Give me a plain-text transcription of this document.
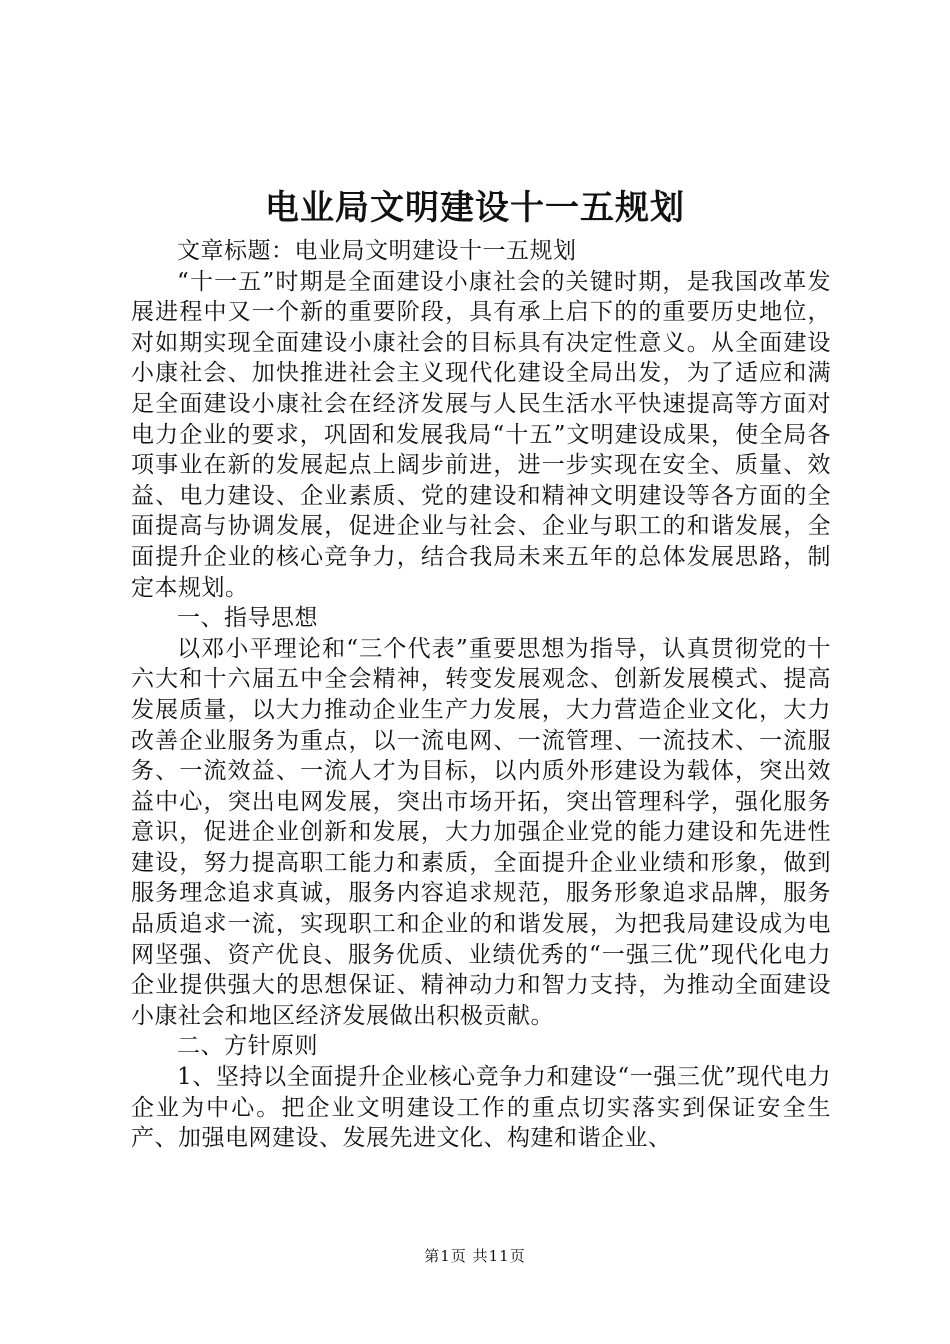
电业局文明建设十一五规划

文章标题：电业局文明建设十一五规划

“十一五”时期是全面建设小康社会的关键时期，是我国改革发展进程中又一个新的重要阶段，具有承上启下的的重要历史地位，对如期实现全面建设小康社会的目标具有决定性意义。从全面建设小康社会、加快推进社会主义现代化建设全局出发，为了适应和满足全面建设小康社会在经济发展与人民生活水平快速提高等方面对电力企业的要求，巩固和发展我局“十五”文明建设成果，使全局各项事业在新的发展起点上阔步前进，进一步实现在安全、质量、效益、电力建设、企业素质、党的建设和精神文明建设等各方面的全面提高与协调发展，促进企业与社会、企业与职工的和谐发展，全面提升企业的核心竞争力，结合我局未来五年的总体发展思路，制定本规划。

一、指导思想

以邓小平理论和“三个代表”重要思想为指导，认真贯彻党的十六大和十六届五中全会精神，转变发展观念、创新发展模式、提高发展质量，以大力推动企业生产力发展，大力营造企业文化，大力改善企业服务为重点，以一流电网、一流管理、一流技术、一流服务、一流效益、一流人才为目标，以内质外形建设为载体，突出效益中心，突出电网发展，突出市场开拓，突出管理科学，强化服务意识，促进企业创新和发展，大力加强企业党的能力建设和先进性建设，努力提高职工能力和素质，全面提升企业业绩和形象，做到服务理念追求真诚，服务内容追求规范，服务形象追求品牌，服务品质追求一流，实现职工和企业的和谐发展，为把我局建设成为电网坚强、资产优良、服务优质、业绩优秀的“一强三优”现代化电力企业提供强大的思想保证、精神动力和智力支持，为推动全面建设小康社会和地区经济发展做出积极贡献。

二、方针原则

1、坚持以全面提升企业核心竞争力和建设“一强三优”现代电力企业为中心。把企业文明建设工作的重点切实落实到保证安全生产、加强电网建设、发展先进文化、构建和谐企业、

第1页 共11页
